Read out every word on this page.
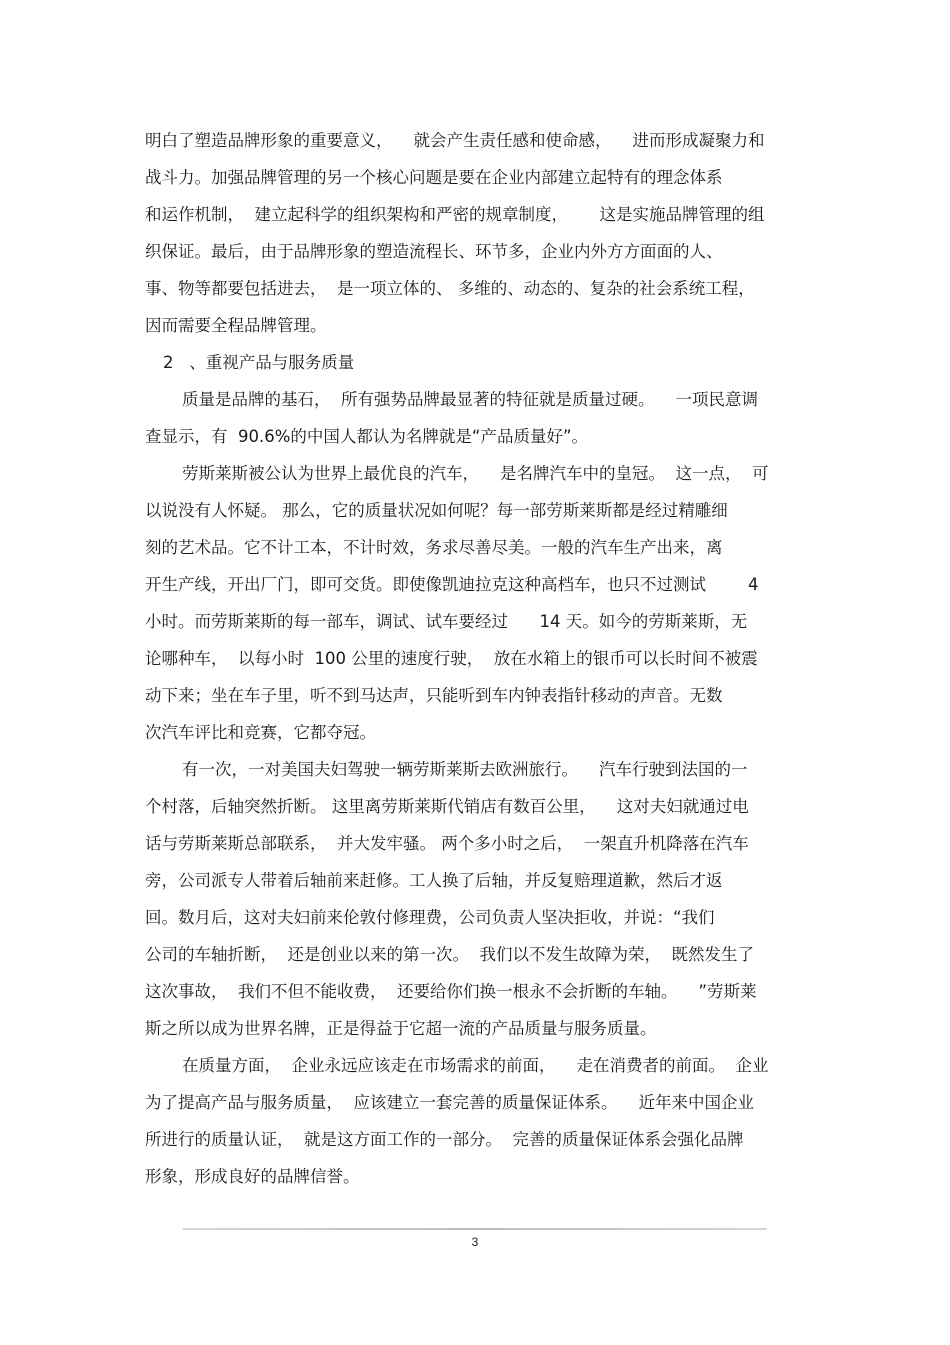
明白了塑造品牌形象的重要意义，    就会产生责任感和使命感，    进而形成凝聚力和
战斗力。加强品牌管理的另一个核心问题是要在企业内部建立起特有的理念体系
和运作机制，  建立起科学的组织架构和严密的规章制度，      这是实施品牌管理的组
织保证。最后，由于品牌形象的塑造流程长、环节多，企业内外方方面面的人、
事、物等都要包括进去，  是一项立体的、 多维的、动态的、复杂的社会系统工程，
因而需要全程品牌管理。
2   、重视产品与服务质量
质量是品牌的基石，  所有强势品牌最显著的特征就是质量过硬。    一项民意调
查显示，有  90.6%的中国人都认为名牌就是“产品质量好”。
劳斯莱斯被公认为世界上最优良的汽车，    是名牌汽车中的皇冠。  这一点，  可
以说没有人怀疑。 那么，它的质量状况如何呢？每一部劳斯莱斯都是经过精雕细
刻的艺术品。它不计工本，不计时效，务求尽善尽美。一般的汽车生产出来，离
开生产线，开出厂门，即可交货。即使像凯迪拉克这种高档车，也只不过测试        4
小时。而劳斯莱斯的每一部车，调试、试车要经过      14 天。如今的劳斯莱斯，无
论哪种车，  以每小时  100 公里的速度行驶，  放在水箱上的银币可以长时间不被震
动下来；坐在车子里，听不到马达声，只能听到车内钟表指针移动的声音。无数
次汽车评比和竞赛，它都夺冠。
有一次，一对美国夫妇驾驶一辆劳斯莱斯去欧洲旅行。    汽车行驶到法国的一
个村落，后轴突然折断。 这里离劳斯莱斯代销店有数百公里，    这对夫妇就通过电
话与劳斯莱斯总部联系，  并大发牢骚。 两个多小时之后，  一架直升机降落在汽车
旁，公司派专人带着后轴前来赶修。工人换了后轴，并反复赔理道歉，然后才返
回。数月后，这对夫妇前来伦敦付修理费，公司负责人坚决拒收，并说：“我们
公司的车轴折断，  还是创业以来的第一次。  我们以不发生故障为荣，  既然发生了
这次事故，  我们不但不能收费，  还要给你们换一根永不会折断的车轴。    ”劳斯莱
斯之所以成为世界名牌，正是得益于它超一流的产品质量与服务质量。
在质量方面，  企业永远应该走在市场需求的前面，    走在消费者的前面。  企业
为了提高产品与服务质量，  应该建立一套完善的质量保证体系。    近年来中国企业
所进行的质量认证，  就是这方面工作的一部分。  完善的质量保证体系会强化品牌
形象，形成良好的品牌信誉。
3
